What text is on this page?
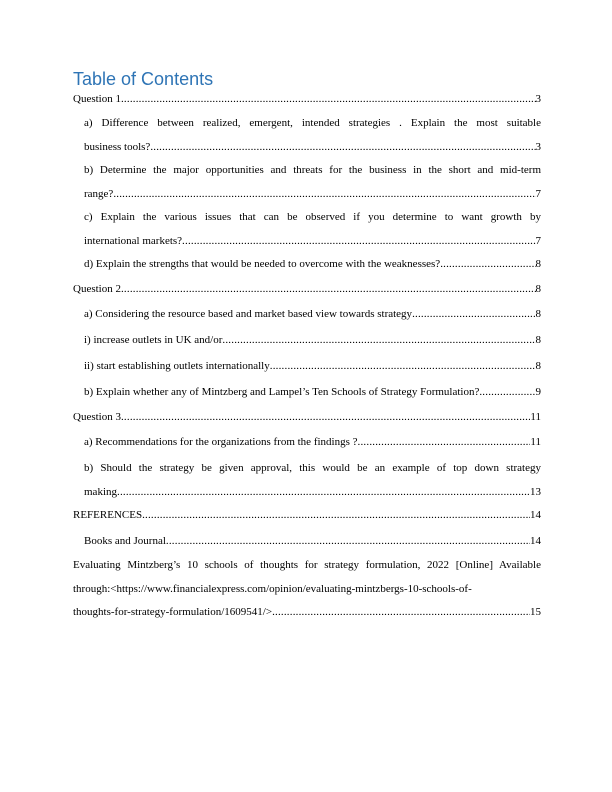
Table of Contents
Question 1 .....	3
a) Difference between realized, emergent, intended strategies . Explain the most suitable
business tools? .....	3
b) Determine the major opportunities and threats for the business in the short and mid-term
range? .....	7
c) Explain the various issues that can be observed if you determine to want growth by
international markets? .....	7
d) Explain the strengths that would be needed to overcome with the weaknesses? .....	8
Question 2 .....	8
a) Considering the resource based and market based view towards strategy .....	8
i) increase outlets in UK and/or .....	8
ii) start establishing outlets internationally .....	8
b) Explain whether any of Mintzberg and Lampel’s Ten Schools of Strategy Formulation? .....	9
Question 3 .....	11
a) Recommendations for the organizations from the findings ? .....	11
b) Should the strategy be given approval, this would be an example of top down strategy
making .....	13
REFERENCES .....	14
Books and Journal .....	14
Evaluating Mintzberg’s 10 schools of thoughts for strategy formulation, 2022 [Online] Available
through:<https://www.financialexpress.com/opinion/evaluating-mintzbergs-10-schools-of-
thoughts-for-strategy-formulation/1609541/> .....	15
